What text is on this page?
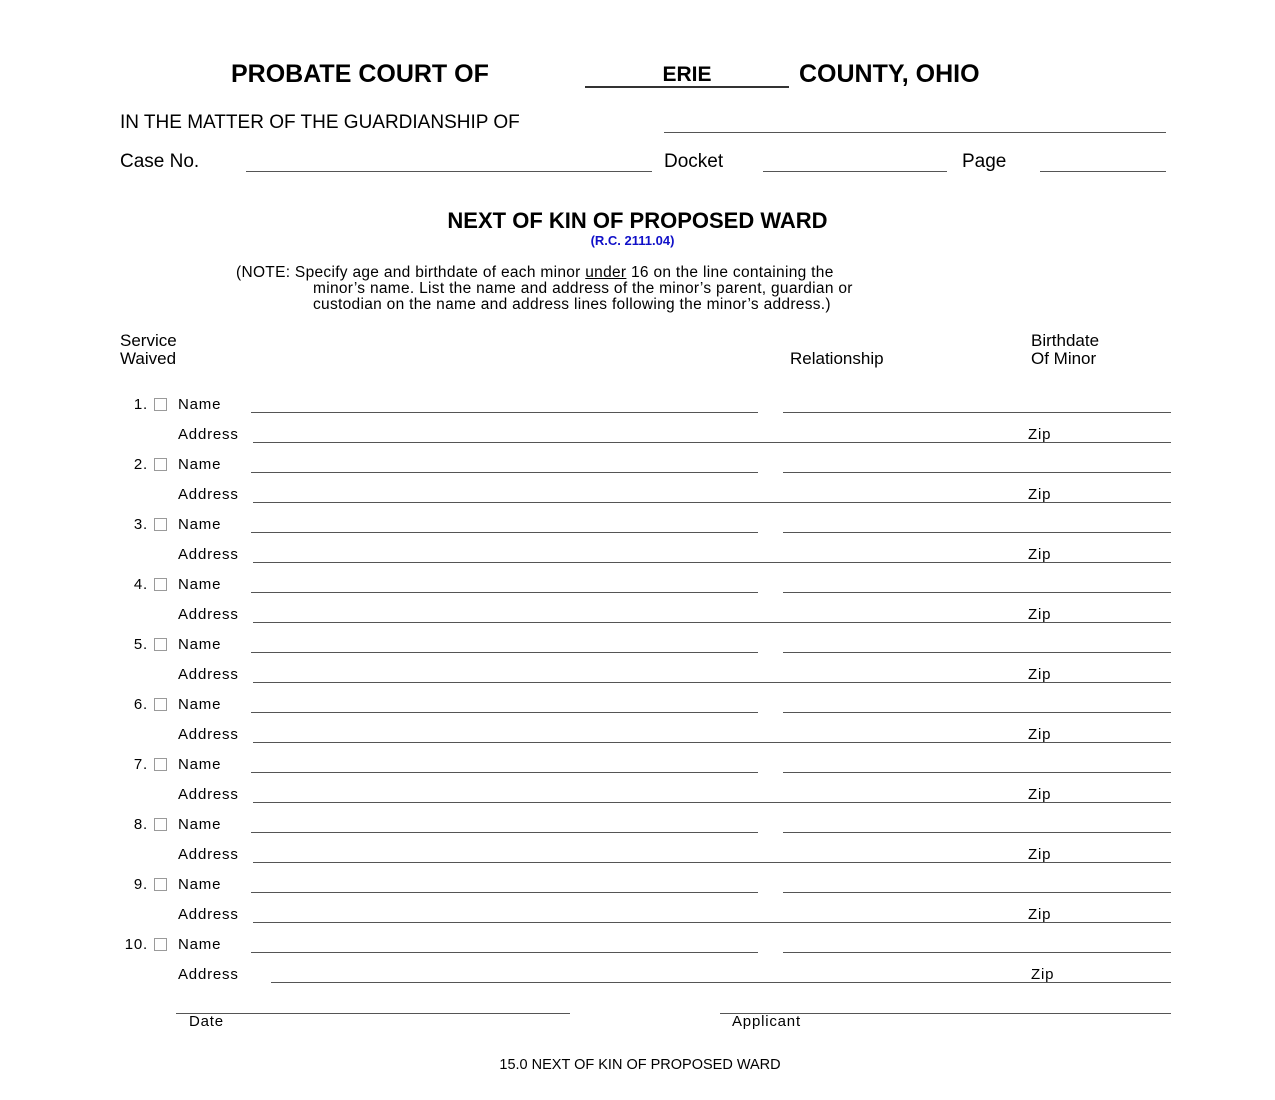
PROBATE COURT OF
ERIE	COUNTY, OHIO
IN THE MATTER OF THE GUARDIANSHIP OF
Case No.	Docket	Page
NEXT OF KIN OF PROPOSED WARD
(R.C. 2111.04)
(NOTE: Specify age and birthdate of each minor under 16 on the line containing the
minor’s name. List the name and address of the minor’s parent, guardian or
custodian on the name and address lines following the minor’s address.)
Service
Waived	Relationship
Birthdate
Of Minor
1. Name
Address	Zip
2. Name
Address	Zip
3. Name
Address	Zip
4. Name
Address	Zip
5. Name
Address	Zip
6. Name
Address	Zip
7. Name
Address	Zip
8. Name
Address	Zip
9. Name
Address	Zip
10. Name
Address	Zip
Date	Applicant
15.0 NEXT OF KIN OF PROPOSED WARD
